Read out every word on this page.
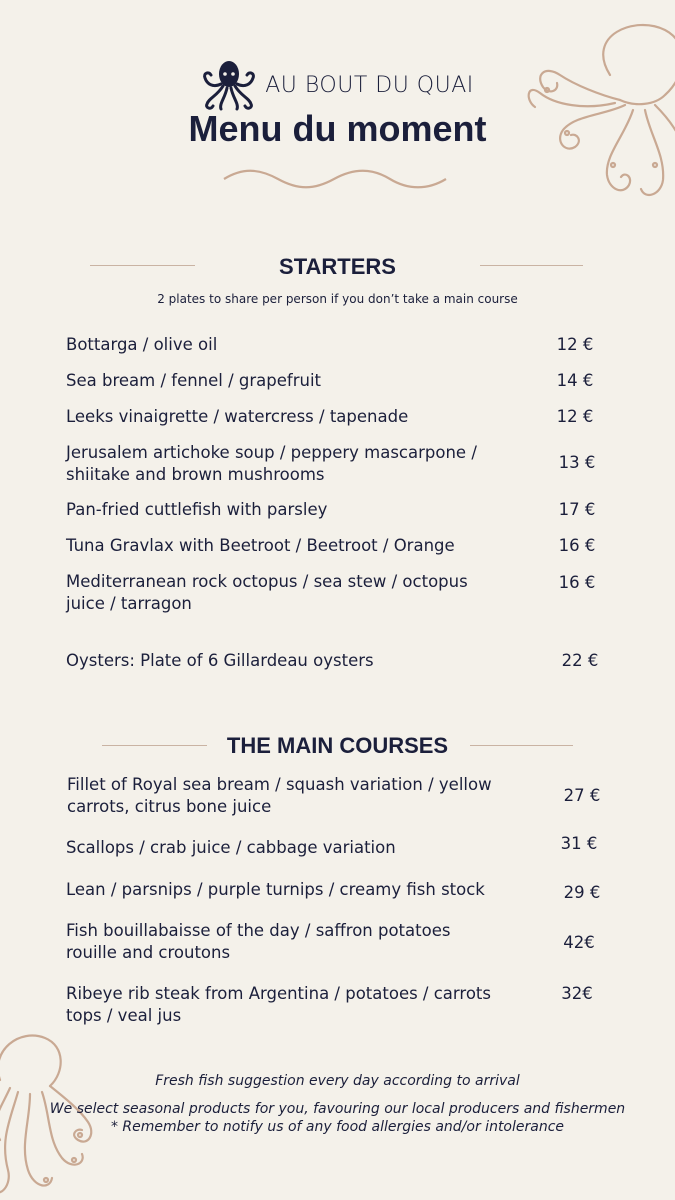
AU BOUT DU QUAI
Menu du moment
STARTERS
2 plates to share per person if you don’t take a main course
Bottarga / olive oil	12 €
Sea bream / fennel / grapefruit	14 €
Leeks vinaigrette / watercress / tapenade	12 €
Jerusalem artichoke soup / peppery mascarpone / shiitake and brown mushrooms
13 €
Pan-fried cuttlefish with parsley	17 €
Tuna Gravlax with Beetroot / Beetroot / Orange	16 €
Mediterranean rock octopus / sea stew / octopus juice / tarragon
16 €
Oysters: Plate of 6 Gillardeau oysters	22 €
THE MAIN COURSES
Fillet of Royal sea bream / squash variation / yellow carrots, citrus bone juice
27 €
Scallops / crab juice / cabbage variation	31 €
Lean / parsnips / purple turnips / creamy fish stock	29 €
Fish bouillabaisse of the day / saffron potatoes rouille and croutons
42€
Ribeye rib steak from Argentina / potatoes / carrots tops / veal jus
32€
Fresh fish suggestion every day according to arrival
We select seasonal products for you, favouring our local producers and fishermen
* Remember to notify us of any food allergies and/or intolerance
